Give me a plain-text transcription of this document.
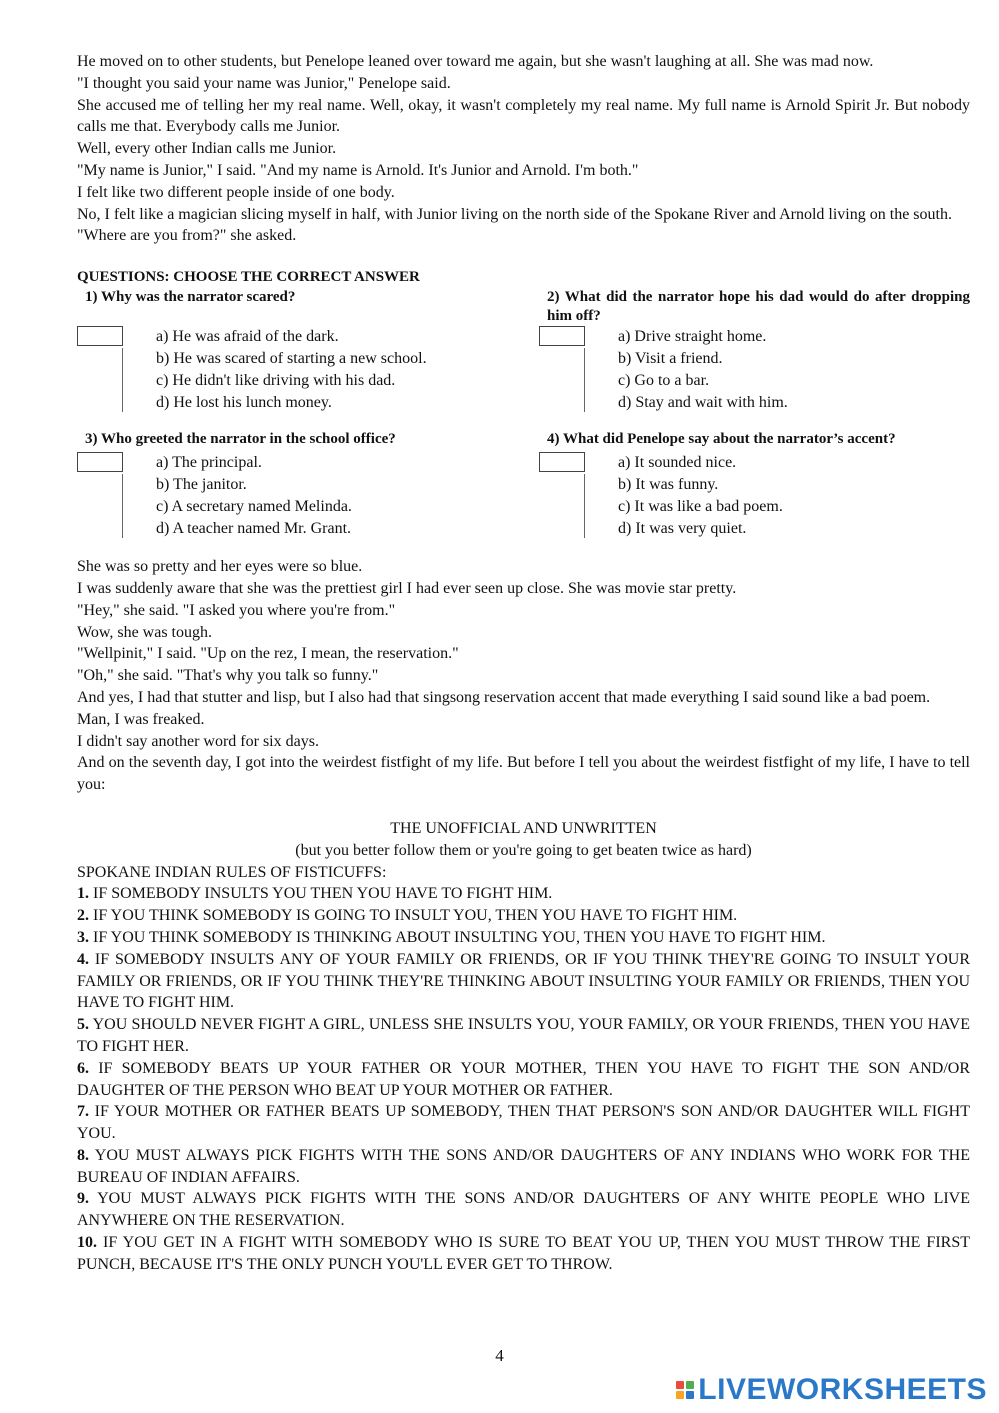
He moved on to other students, but Penelope leaned over toward me again, but she wasn't laughing at all. She was mad now.

"I thought you said your name was Junior," Penelope said.

She accused me of telling her my real name. Well, okay, it wasn't completely my real name. My full name is Arnold Spirit Jr. But nobody calls me that. Everybody calls me Junior.

Well, every other Indian calls me Junior.

"My name is Junior," I said. "And my name is Arnold. It's Junior and Arnold. I'm both."

I felt like two different people inside of one body.

No, I felt like a magician slicing myself in half, with Junior living on the north side of the Spokane River and Arnold living on the south.

"Where are you from?" she asked.

QUESTIONS: CHOOSE THE CORRECT ANSWER
1) Why was the narrator scared?
a) He was afraid of the dark.
b) He was scared of starting a new school.
c) He didn't like driving with his dad.
d) He lost his lunch money.
2) What did the narrator hope his dad would do after dropping him off?
a) Drive straight home.
b) Visit a friend.
c) Go to a bar.
d) Stay and wait with him.
3) Who greeted the narrator in the school office?
a) The principal.
b) The janitor.
c) A secretary named Melinda.
d) A teacher named Mr. Grant.
4) What did Penelope say about the narrator’s accent?
a) It sounded nice.
b) It was funny.
c) It was like a bad poem.
d) It was very quiet.

She was so pretty and her eyes were so blue.

I was suddenly aware that she was the prettiest girl I had ever seen up close. She was movie star pretty.

"Hey," she said. "I asked you where you're from."

Wow, she was tough.

"Wellpinit," I said. "Up on the rez, I mean, the reservation."

"Oh," she said. "That's why you talk so funny."

And yes, I had that stutter and lisp, but I also had that singsong reservation accent that made everything I said sound like a bad poem.

Man, I was freaked.

I didn't say another word for six days.

And on the seventh day, I got into the weirdest fistfight of my life. But before I tell you about the weirdest fistfight of my life, I have to tell you:

THE UNOFFICIAL AND UNWRITTEN
(but you better follow them or you're going to get beaten twice as hard)
SPOKANE INDIAN RULES OF FISTICUFFS:

1. IF SOMEBODY INSULTS YOU THEN YOU HAVE TO FIGHT HIM.

2. IF YOU THINK SOMEBODY IS GOING TO INSULT YOU, THEN YOU HAVE TO FIGHT HIM.

3. IF YOU THINK SOMEBODY IS THINKING ABOUT INSULTING YOU, THEN YOU HAVE TO FIGHT HIM.

4. IF SOMEBODY INSULTS ANY OF YOUR FAMILY OR FRIENDS, OR IF YOU THINK THEY'RE GOING TO INSULT YOUR FAMILY OR FRIENDS, OR IF YOU THINK THEY'RE THINKING ABOUT INSULTING YOUR FAMILY OR FRIENDS, THEN YOU HAVE TO FIGHT HIM.

5. YOU SHOULD NEVER FIGHT A GIRL, UNLESS SHE INSULTS YOU, YOUR FAMILY, OR YOUR FRIENDS, THEN YOU HAVE TO FIGHT HER.

6. IF SOMEBODY BEATS UP YOUR FATHER OR YOUR MOTHER, THEN YOU HAVE TO FIGHT THE SON AND/OR DAUGHTER OF THE PERSON WHO BEAT UP YOUR MOTHER OR FATHER.

7. IF YOUR MOTHER OR FATHER BEATS UP SOMEBODY, THEN THAT PERSON'S SON AND/OR DAUGHTER WILL FIGHT YOU.

8. YOU MUST ALWAYS PICK FIGHTS WITH THE SONS AND/OR DAUGHTERS OF ANY INDIANS WHO WORK FOR THE BUREAU OF INDIAN AFFAIRS.

9. YOU MUST ALWAYS PICK FIGHTS WITH THE SONS AND/OR DAUGHTERS OF ANY WHITE PEOPLE WHO LIVE ANYWHERE ON THE RESERVATION.

10. IF YOU GET IN A FIGHT WITH SOMEBODY WHO IS SURE TO BEAT YOU UP, THEN YOU MUST THROW THE FIRST PUNCH, BECAUSE IT'S THE ONLY PUNCH YOU'LL EVER GET TO THROW.

4
LIVEWORKSHEETS
